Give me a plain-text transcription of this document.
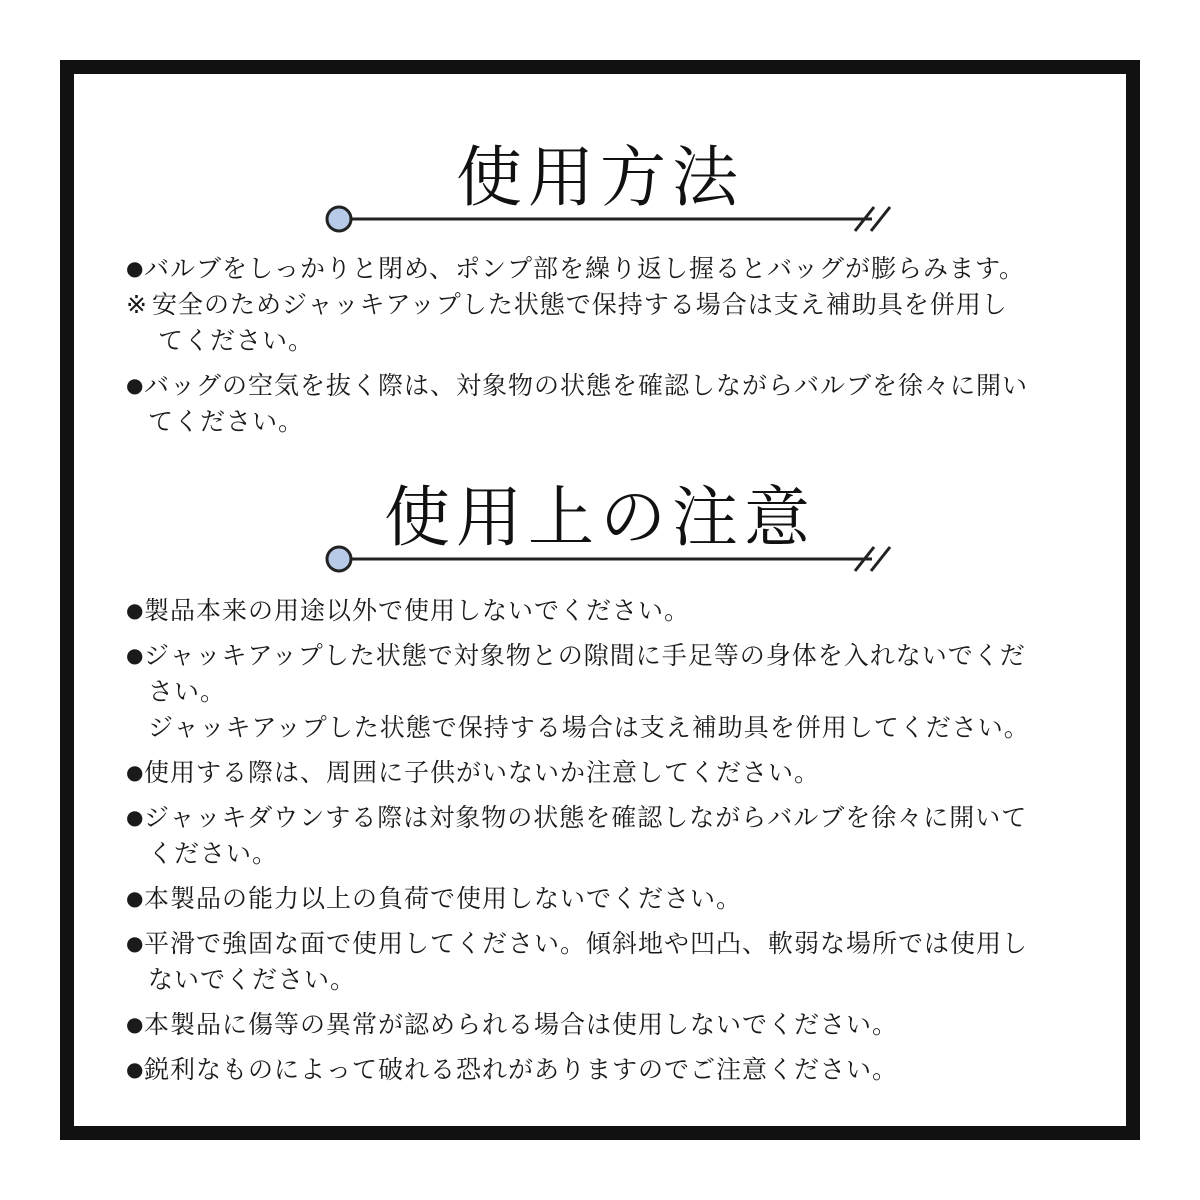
使用方法
●バルブをしっかりと閉め、ポンプ部を繰り返し握るとバッグが膨らみます。
※ 安全のためジャッキアップした状態で保持する場合は支え補助具を併用し
てください。
●バッグの空気を抜く際は、対象物の状態を確認しながらバルブを徐々に開い
てください。
使用上の注意
●製品本来の用途以外で使用しないでください。
●ジャッキアップした状態で対象物との隙間に手足等の身体を入れないでくだ
さい。
ジャッキアップした状態で保持する場合は支え補助具を併用してください。
●使用する際は、周囲に子供がいないか注意してください。
●ジャッキダウンする際は対象物の状態を確認しながらバルブを徐々に開いて
ください。
●本製品の能力以上の負荷で使用しないでください。
●平滑で強固な面で使用してください。傾斜地や凹凸、軟弱な場所では使用し
ないでください。
●本製品に傷等の異常が認められる場合は使用しないでください。
●鋭利なものによって破れる恐れがありますのでご注意ください。
